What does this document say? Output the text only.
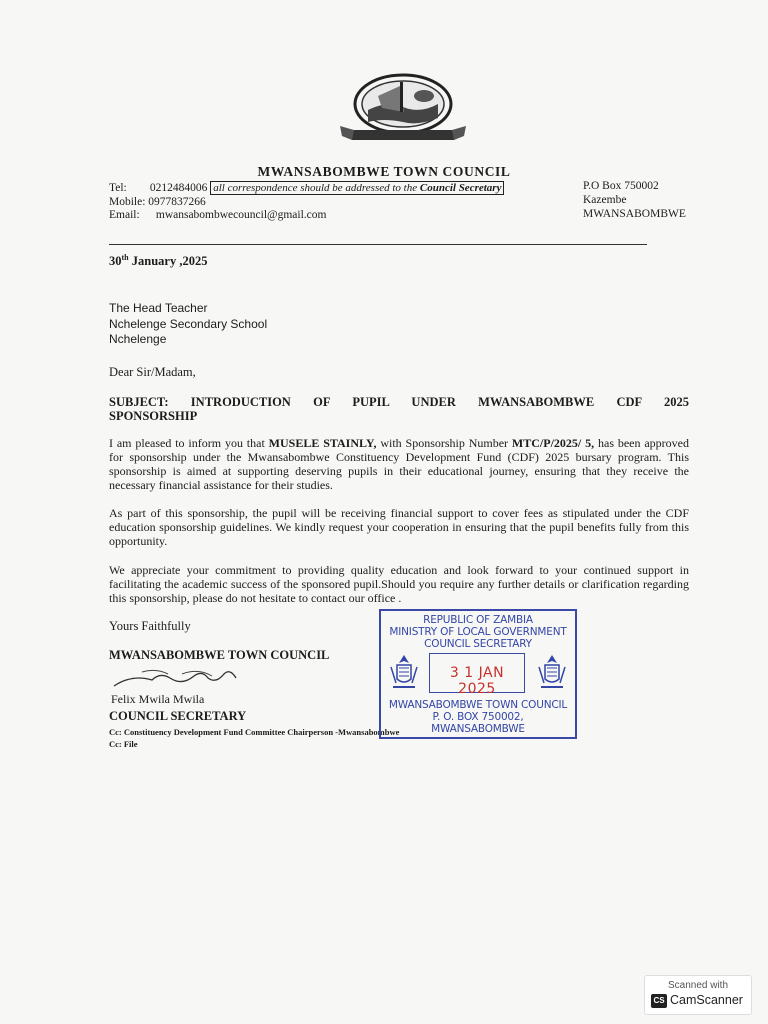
MWANSABOMBWE TOWN COUNCIL
Tel: 0212484006 all correspondence should be addressed to the Council Secretary
Mobile: 0977837266
Email: mwansabombwecouncil@gmail.com
P.O Box 750002
Kazembe
MWANSABOMBWE
30th January ,2025
The Head Teacher
Nchelenge Secondary School
Nchelenge
Dear Sir/Madam,
SUBJECT: INTRODUCTION OF PUPIL UNDER MWANSABOMBWE CDF 2025
SPONSORSHIP
I am pleased to inform you that MUSELE STAINLY, with Sponsorship Number MTC/P/2025/ 5, has been approved for sponsorship under the Mwansabombwe Constituency Development Fund (CDF) 2025 bursary program. This sponsorship is aimed at supporting deserving pupils in their educational journey, ensuring that they receive the necessary financial assistance for their studies.
As part of this sponsorship, the pupil will be receiving financial support to cover fees as stipulated under the CDF education sponsorship guidelines. We kindly request your cooperation in ensuring that the pupil benefits fully from this opportunity.
We appreciate your commitment to providing quality education and look forward to your continued support in facilitating the academic success of the sponsored pupil.Should you require any further details or clarification regarding this sponsorship, please do not hesitate to contact our office .
Yours Faithfully
MWANSABOMBWE TOWN COUNCIL
Felix Mwila Mwila
COUNCIL SECRETARY
Cc: Constituency Development Fund Committee Chairperson -Mwansabombwe
Cc: File
REPUBLIC OF ZAMBIA
MINISTRY OF LOCAL GOVERNMENT
COUNCIL SECRETARY
3 1 JAN 2025
MWANSABOMBWE TOWN COUNCIL
P. O. BOX 750002,
MWANSABOMBWE
Scanned with
CS CamScanner
